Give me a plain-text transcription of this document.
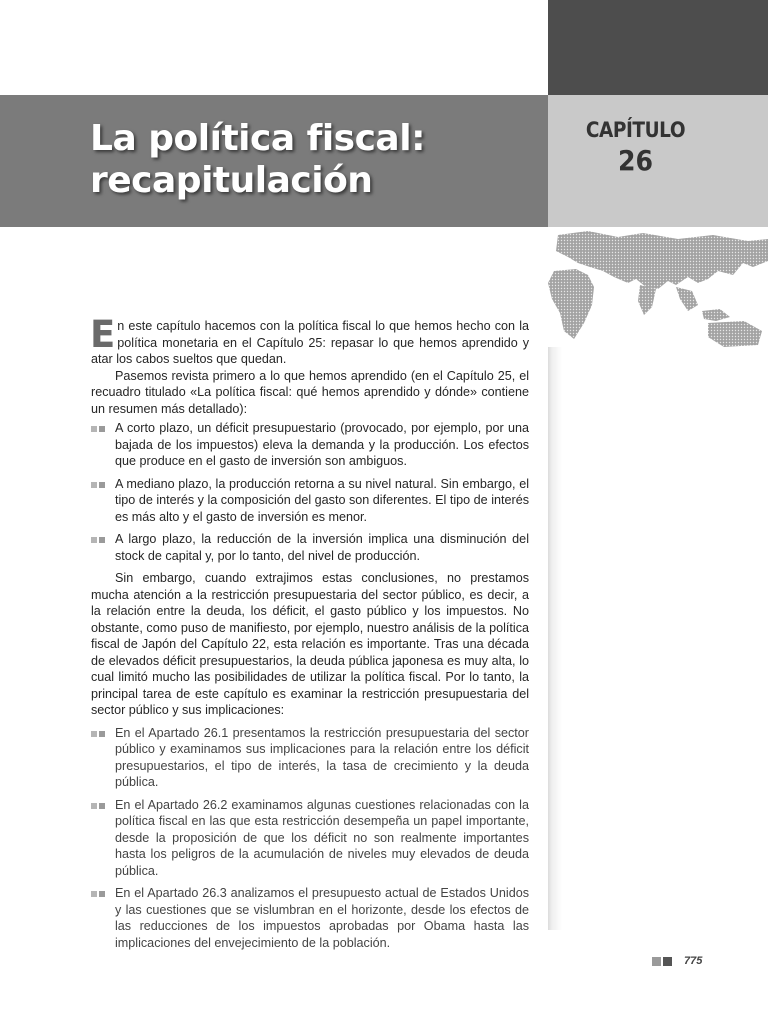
La política fiscal:
recapitulación
CAPÍTULO
26

En este capítulo hacemos con la política fiscal lo que hemos hecho con la política monetaria en el Capítulo 25: repasar lo que hemos aprendido y atar los cabos sueltos que quedan.

Pasemos revista primero a lo que hemos aprendido (en el Capítulo 25, el recuadro titulado «La política fiscal: qué hemos aprendido y dónde» contiene un resumen más detallado):

A corto plazo, un déficit presupuestario (provocado, por ejemplo, por una bajada de los impuestos) eleva la demanda y la producción. Los efectos que produce en el gasto de inversión son ambiguos.
A mediano plazo, la producción retorna a su nivel natural. Sin embargo, el tipo de interés y la composición del gasto son diferentes. El tipo de interés es más alto y el gasto de inversión es menor.
A largo plazo, la reducción de la inversión implica una disminución del stock de capital y, por lo tanto, del nivel de producción.

Sin embargo, cuando extrajimos estas conclusiones, no prestamos mucha atención a la restricción presupuestaria del sector público, es decir, a la relación entre la deuda, los déficit, el gasto público y los impuestos. No obstante, como puso de manifiesto, por ejemplo, nuestro análisis de la política fiscal de Japón del Capítulo 22, esta relación es importante. Tras una década de elevados déficit presupuestarios, la deuda pública japonesa es muy alta, lo cual limitó mucho las posibilidades de utilizar la política fiscal. Por lo tanto, la principal tarea de este capítulo es examinar la restricción presupuestaria del sector público y sus implicaciones:

En el Apartado 26.1 presentamos la restricción presupuestaria del sector público y examinamos sus implicaciones para la relación entre los déficit presupuestarios, el tipo de interés, la tasa de crecimiento y la deuda pública.
En el Apartado 26.2 examinamos algunas cuestiones relacionadas con la política fiscal en las que esta restricción desempeña un papel importante, desde la proposición de que los déficit no son realmente importantes hasta los peligros de la acumulación de niveles muy elevados de deuda pública.
En el Apartado 26.3 analizamos el presupuesto actual de Estados Unidos y las cuestiones que se vislumbran en el horizonte, desde los efectos de las reducciones de los impuestos aprobadas por Obama hasta las implicaciones del envejecimiento de la población.
775
